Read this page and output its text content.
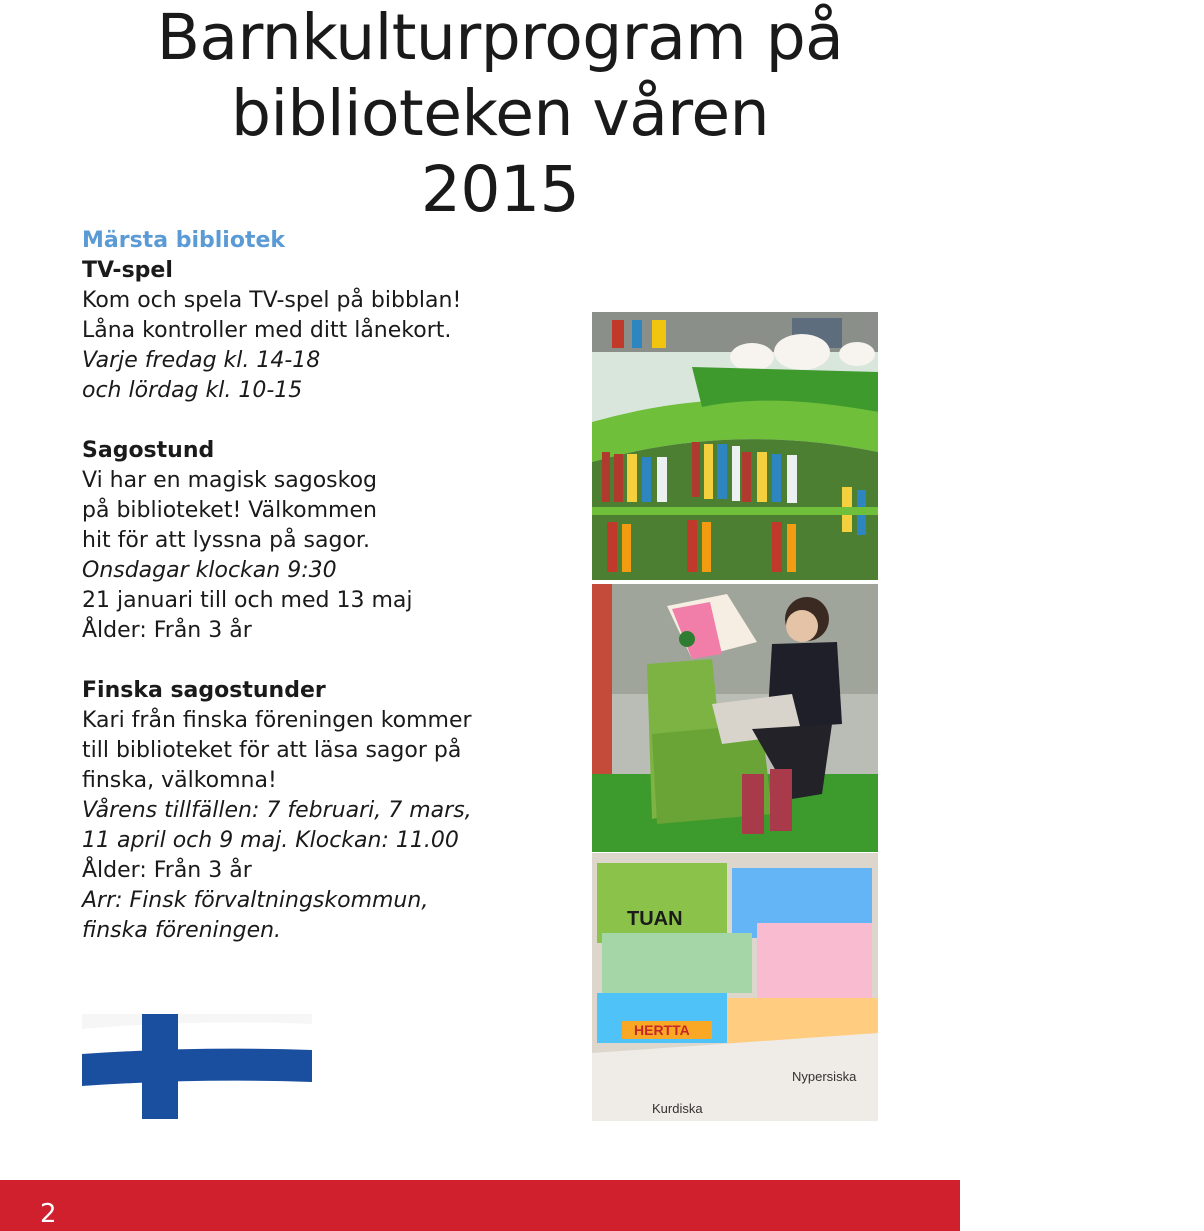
Barnkulturprogram på
biblioteken våren 2015

Märsta bibliotek

TV-spel

Kom och spela TV-spel på bibblan!

Låna kontroller med ditt lånekort.

Varje fredag kl. 14-18

och lördag kl. 10-15

Sagostund

Vi har en magisk sagoskog

på biblioteket! Välkommen

hit för att lyssna på sagor.

Onsdagar klockan 9:30

21 januari till och med 13 maj

Ålder: Från 3 år

Finska sagostunder

Kari från finska föreningen kommer

till biblioteket för att läsa sagor på

finska, välkomna!

Vårens tillfällen: 7 februari, 7 mars,

11 april och 9 maj. Klockan: 11.00

Ålder: Från 3 år

Arr: Finsk förvaltningskommun,

finska föreningen.

INFO
Nypersiska
Kurdiska
TUAN
HERTTA
2
